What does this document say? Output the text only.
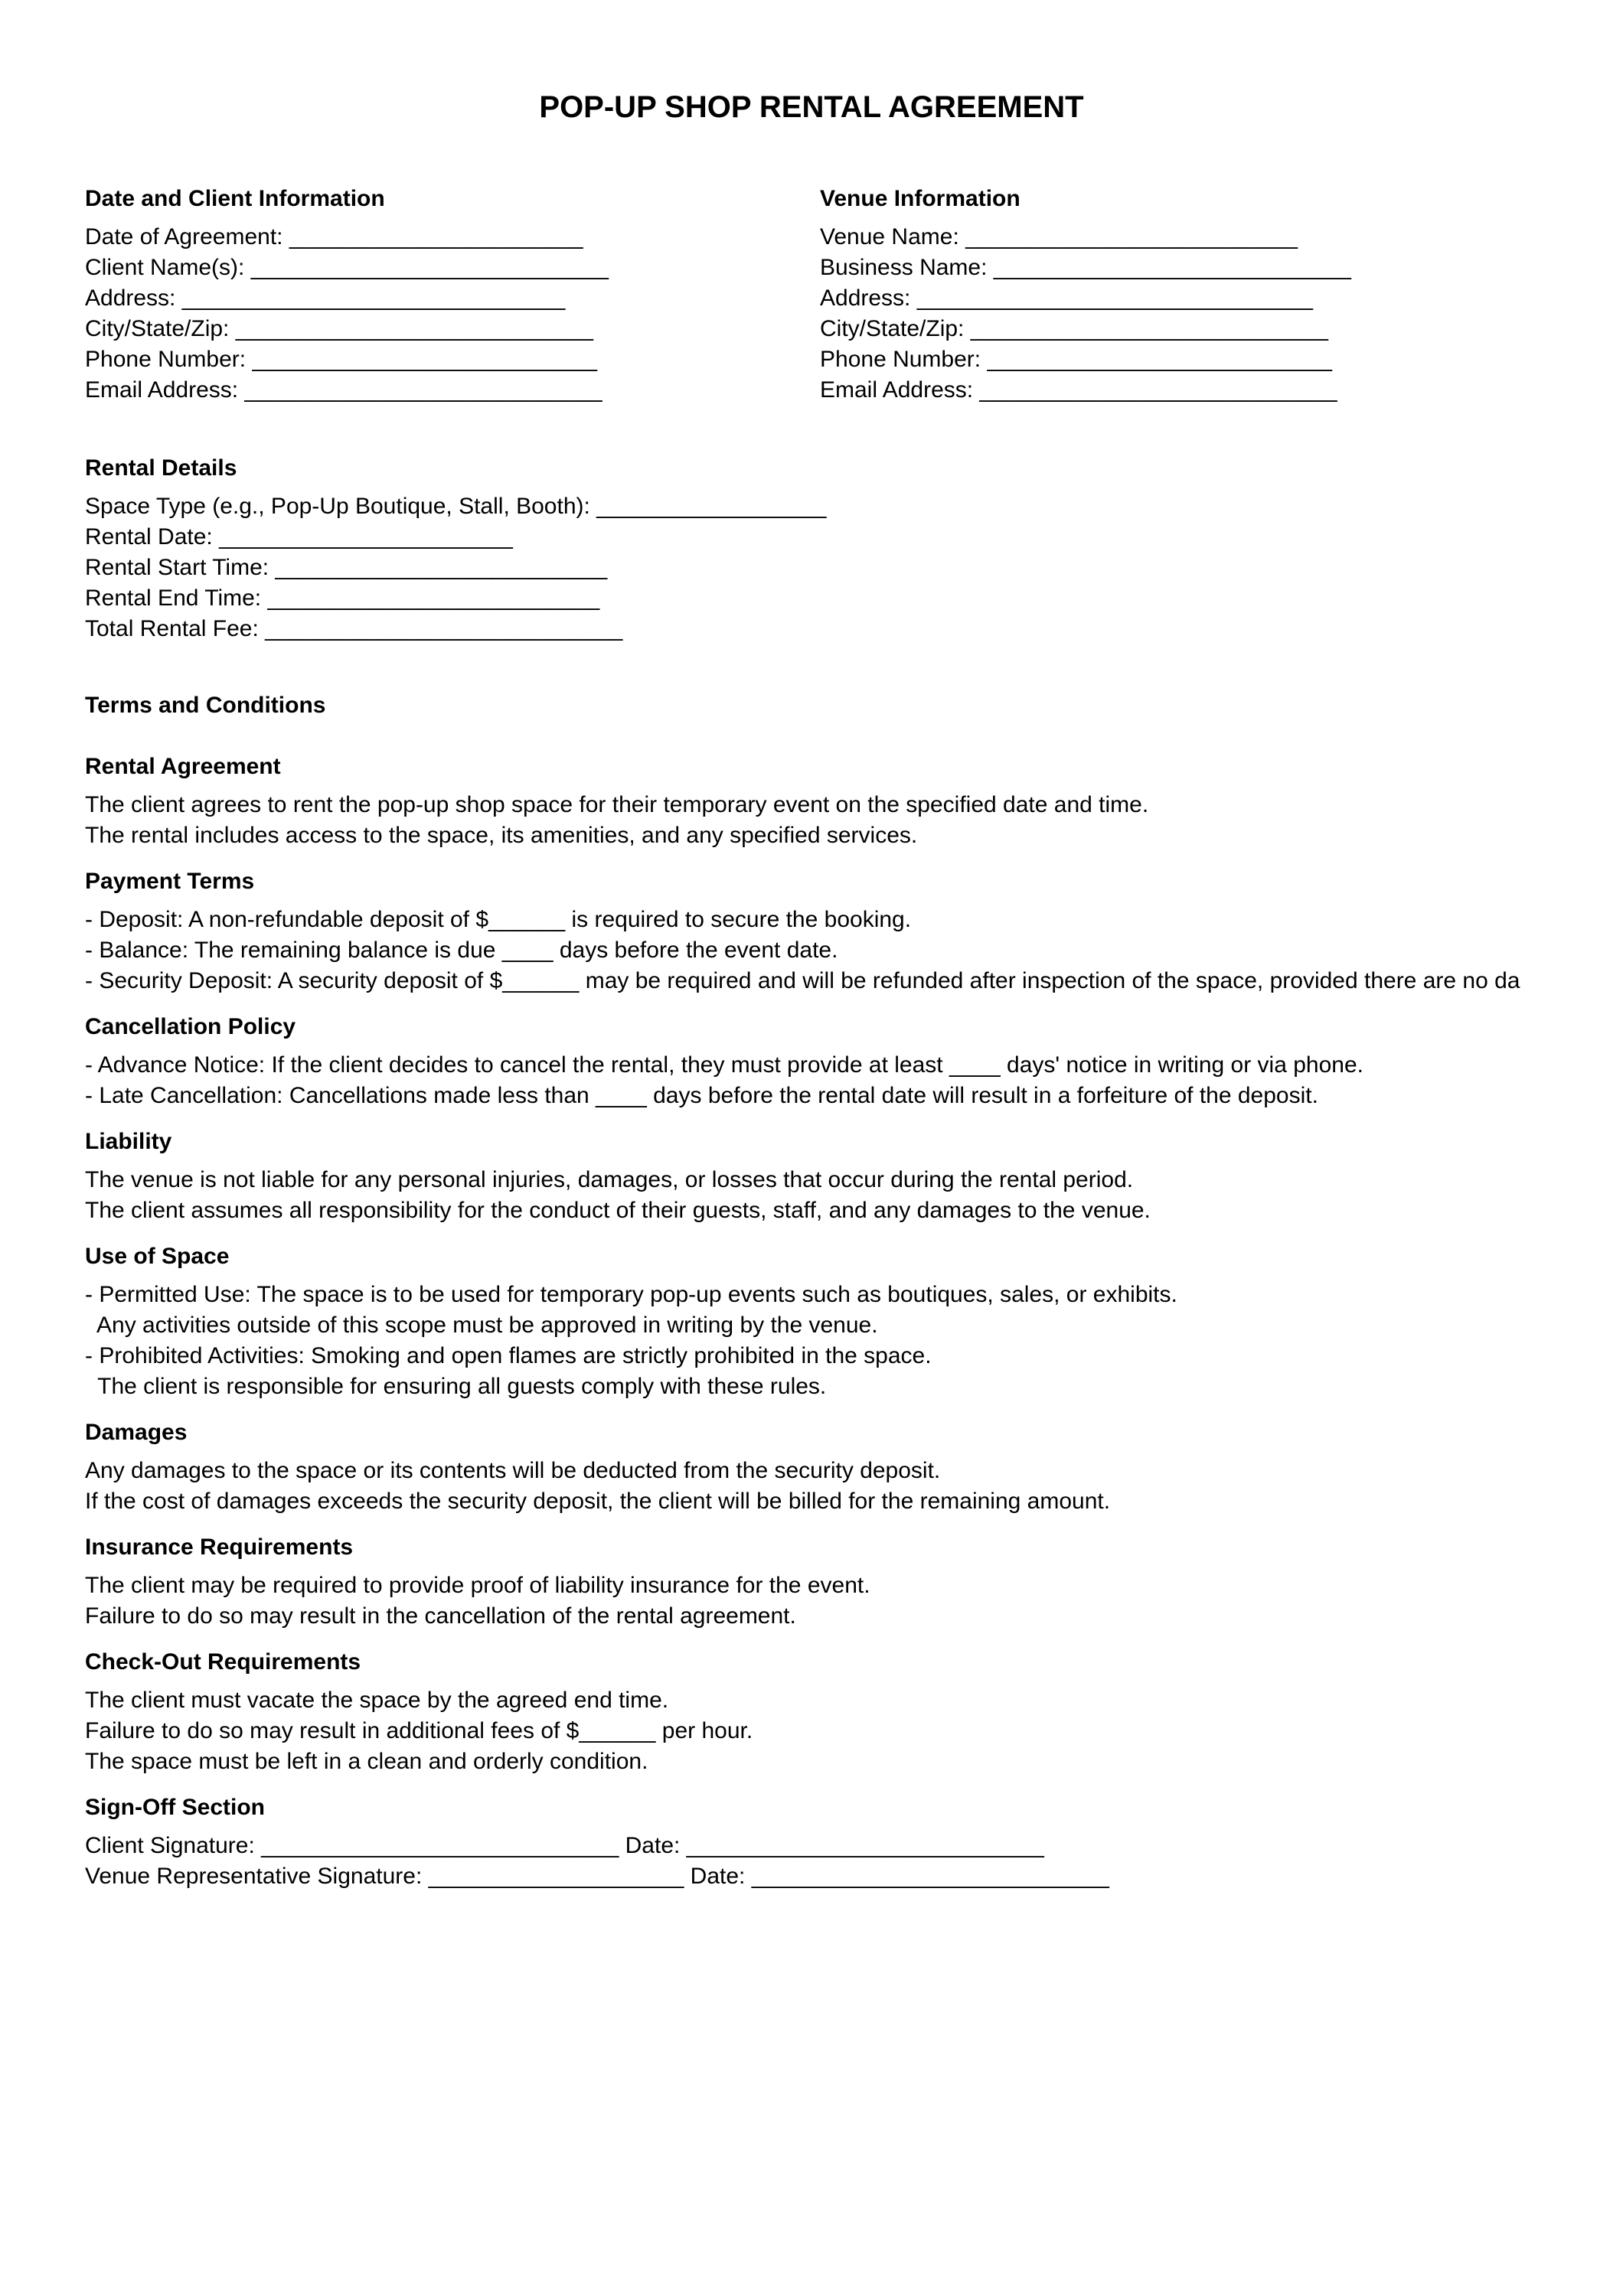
POP-UP SHOP RENTAL AGREEMENT
Date and Client Information
Date of Agreement: _______________________
Client Name(s): ____________________________
Address: ______________________________
City/State/Zip: ____________________________
Phone Number: ___________________________
Email Address: ____________________________
Venue Information
Venue Name: __________________________
Business Name: ____________________________
Address: _______________________________
City/State/Zip: ____________________________
Phone Number: ___________________________
Email Address: ____________________________
Rental Details
Space Type (e.g., Pop-Up Boutique, Stall, Booth): __________________
Rental Date: _______________________
Rental Start Time: __________________________
Rental End Time: __________________________
Total Rental Fee: ____________________________
Terms and Conditions
Rental Agreement
The client agrees to rent the pop-up shop space for their temporary event on the specified date and time.
The rental includes access to the space, its amenities, and any specified services.
Payment Terms
- Deposit: A non-refundable deposit of $______ is required to secure the booking.
- Balance: The remaining balance is due ____ days before the event date.
- Security Deposit: A security deposit of $______ may be required and will be refunded after inspection of the space, provided there are no da
Cancellation Policy
- Advance Notice: If the client decides to cancel the rental, they must provide at least ____ days' notice in writing or via phone.
- Late Cancellation: Cancellations made less than ____ days before the rental date will result in a forfeiture of the deposit.
Liability
The venue is not liable for any personal injuries, damages, or losses that occur during the rental period.
The client assumes all responsibility for the conduct of their guests, staff, and any damages to the venue.
Use of Space
- Permitted Use: The space is to be used for temporary pop-up events such as boutiques, sales, or exhibits.
Any activities outside of this scope must be approved in writing by the venue.
- Prohibited Activities: Smoking and open flames are strictly prohibited in the space.
The client is responsible for ensuring all guests comply with these rules.
Damages
Any damages to the space or its contents will be deducted from the security deposit.
If the cost of damages exceeds the security deposit, the client will be billed for the remaining amount.
Insurance Requirements
The client may be required to provide proof of liability insurance for the event.
Failure to do so may result in the cancellation of the rental agreement.
Check-Out Requirements
The client must vacate the space by the agreed end time.
Failure to do so may result in additional fees of $______ per hour.
The space must be left in a clean and orderly condition.
Sign-Off Section
Client Signature: ____________________________ Date: ____________________________
Venue Representative Signature: ____________________ Date: ____________________________
